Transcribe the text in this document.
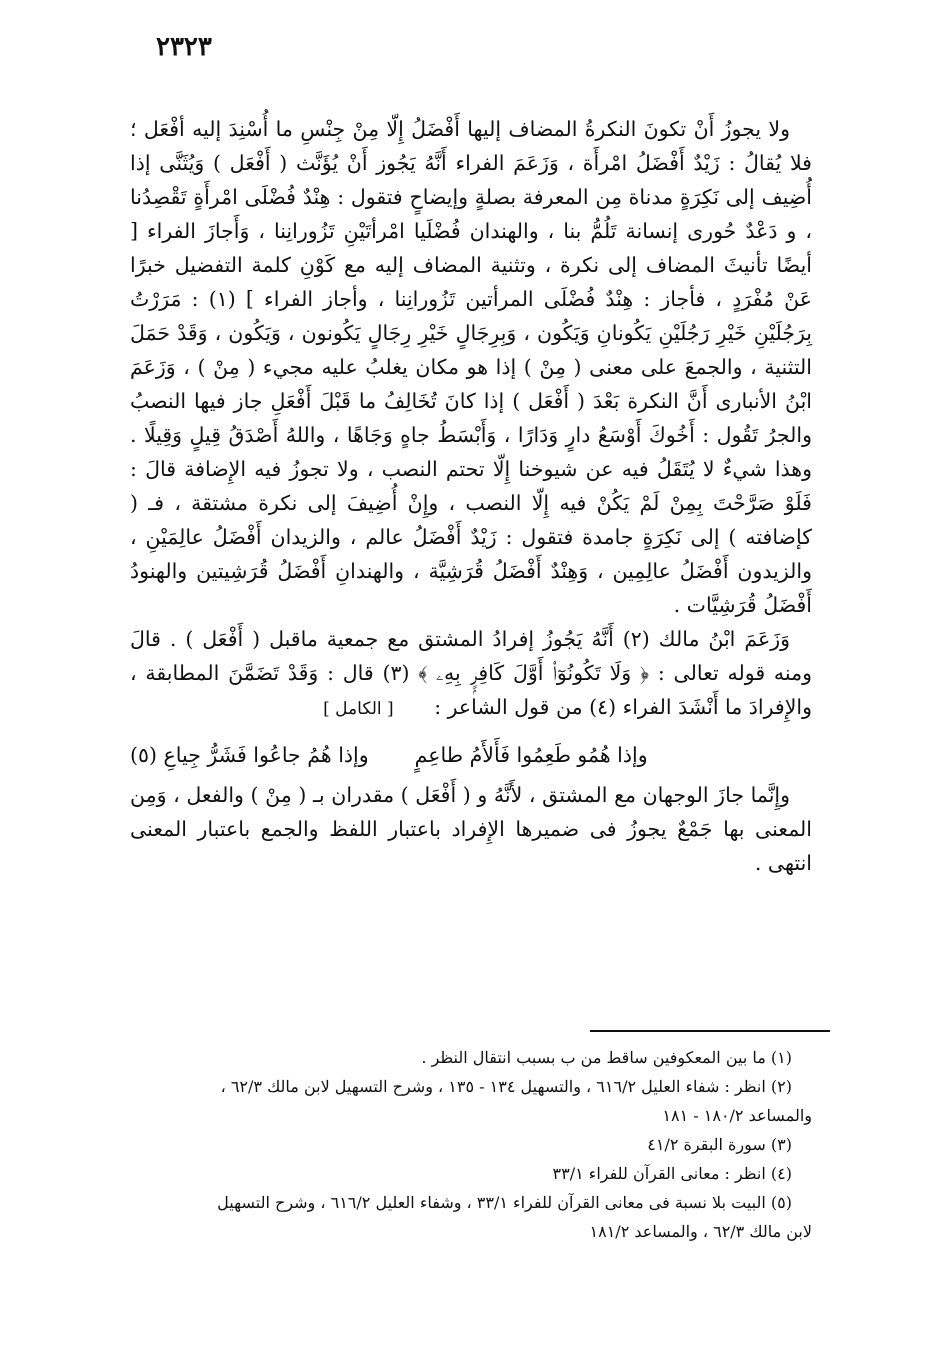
٢٣٢٣

ولا يجوزُ أَنْ تكونَ النكرةُ المضاف إليها أَفْضَلُ إِلّا مِنْ جِنْسِ ما أُسْنِدَ إليه أفْعَل ؛ فلا يُقالُ : زَيْدٌ أَفْضَلُ امْرأَة ، وَزَعَمَ الفراء أَنَّهُ يَجُوز أَنْ يُؤَنَّث ( أَفْعَل ) وَيُثَنَّى إذا أُضِيف إلى نَكِرَةٍ مدناة مِن المعرفة بصلةٍ وإيضاحٍ فتقول : هِنْدٌ فُضْلَى امْرأَةٍ تَقْصِدُنا ، و دَعْدٌ حُورى إنسانة تَلُمُّ بنا ، والهندان فُضْلَيا امْرأتَيْنِ تَزُورانِنا ، وَأَجازَ الفراء [ أيضًا تأنيثَ المضاف إلى نكرة ، وتثنية المضاف إليه مع كَوْنِ كلمة التفضيل خبرًا عَنْ مُفْرَدٍ ، فأجاز : هِنْدٌ فُضْلَى المرأتين تَزُورانِنا ، وأجاز الفراء ] (١) : مَرَرْتُ بِرَجُلَيْنِ خَيْرِ رَجُلَيْنِ يَكُونانِ وَيَكُون ، وَبِرِجَالٍ خَيْرِ رِجَالٍ يَكُونون ، وَيَكُون ، وَقَدْ حَمَلَ التثنية ، والجمعَ على معنى ( مِنْ ) إذا هو مكان يغلبُ عليه مجيء ( مِنْ ) ، وَزَعَمَ ابْنُ الأنبارى أَنَّ النكرة بَعْدَ ( أَفْعَل ) إذا كانَ تُخَالِفُ ما قَبْلَ أَفْعَلِ جاز فيها النصبُ والجرُ تَقُول : أَخُوكَ أَوْسَعُ دارٍ وَدَارًا ، وَأَبْسَطُ جاهٍ وَجَاهًا ، واللهُ أَصْدَقُ قِيلٍ وَقِيلًا . وهذا شيءٌ لا يُتَقَلُ فيه عن شيوخنا إِلّا تحتم النصب ، ولا تجوزُ فيه الإِضافة قالَ : فَلَوْ صَرَّحْتَ بِمِنْ لَمْ يَكُنْ فيه إِلّا النصب ، وإِنْ أُضِيفَ إلى نكرة مشتقة ، فـ ( كإضافته ) إلى نَكِرَةٍ جامدة فتقول : زَيْدٌ أَفْضَلُ عالم ، والزيدان أَفْضَلُ عالِمَيْنِ ، والزيدون أَفْضَلُ عالِمِين ، وَهِنْدٌ أَفْضَلُ قُرَشِيَّة ، والهندانِ أَفْضَلُ قُرَشِيتين والهنودُ أَفْضَلُ قُرَشِيَّات .

وَزَعَمَ ابْنُ مالك (٢) أَنَّهُ يَجُوزُ إفرادُ المشتق مع جمعية ماقبل ( أَفْعَل ) . قالَ ومنه قوله تعالى : ﴿ وَلَا تَكُونُوٓا۟ أَوَّلَ كَافِرٍۭ بِهِۦ ﴾ (٣) قال : وَقَدْ تَضَمَّنَ المطابقة ، والإِفرادَ ما أَنْشَدَ الفراء (٤) من قول الشاعر : [ الكامل ]

وإذا هُمُو طَعِمُوا فَأَلأَمُ طاعِمٍ
وإذا هُمُ جاعُوا فَشَرُّ جِياعِ (٥)

وإِنَّما جازَ الوجهان مع المشتق ، لأَنَّهُ و ( أَفْعَل ) مقدران بـ ( مِنْ ) والفعل ، وَمِن المعنى بها جَمْعٌ يجوزُ فى ضميرها الإِفراد باعتبار اللفظ والجمع باعتبار المعنى انتهى .

(١) ما بين المعكوفين ساقط من ب بسبب انتقال النظر .

(٢) انظر : شفاء العليل ٦١٦/٢ ، والتسهيل ١٣٤ - ١٣٥ ، وشرح التسهيل لابن مالك ٦٢/٣ ،

والمساعد ١٨٠/٢ - ١٨١

(٣) سورة البقرة ٤١/٢

(٤) انظر : معانى القرآن للفراء ٣٣/١

(٥) البيت بلا نسبة فى معانى القرآن للفراء ٣٣/١ ، وشفاء العليل ٦١٦/٢ ، وشرح التسهيل

لابن مالك ٦٢/٣ ، والمساعد ١٨١/٢
